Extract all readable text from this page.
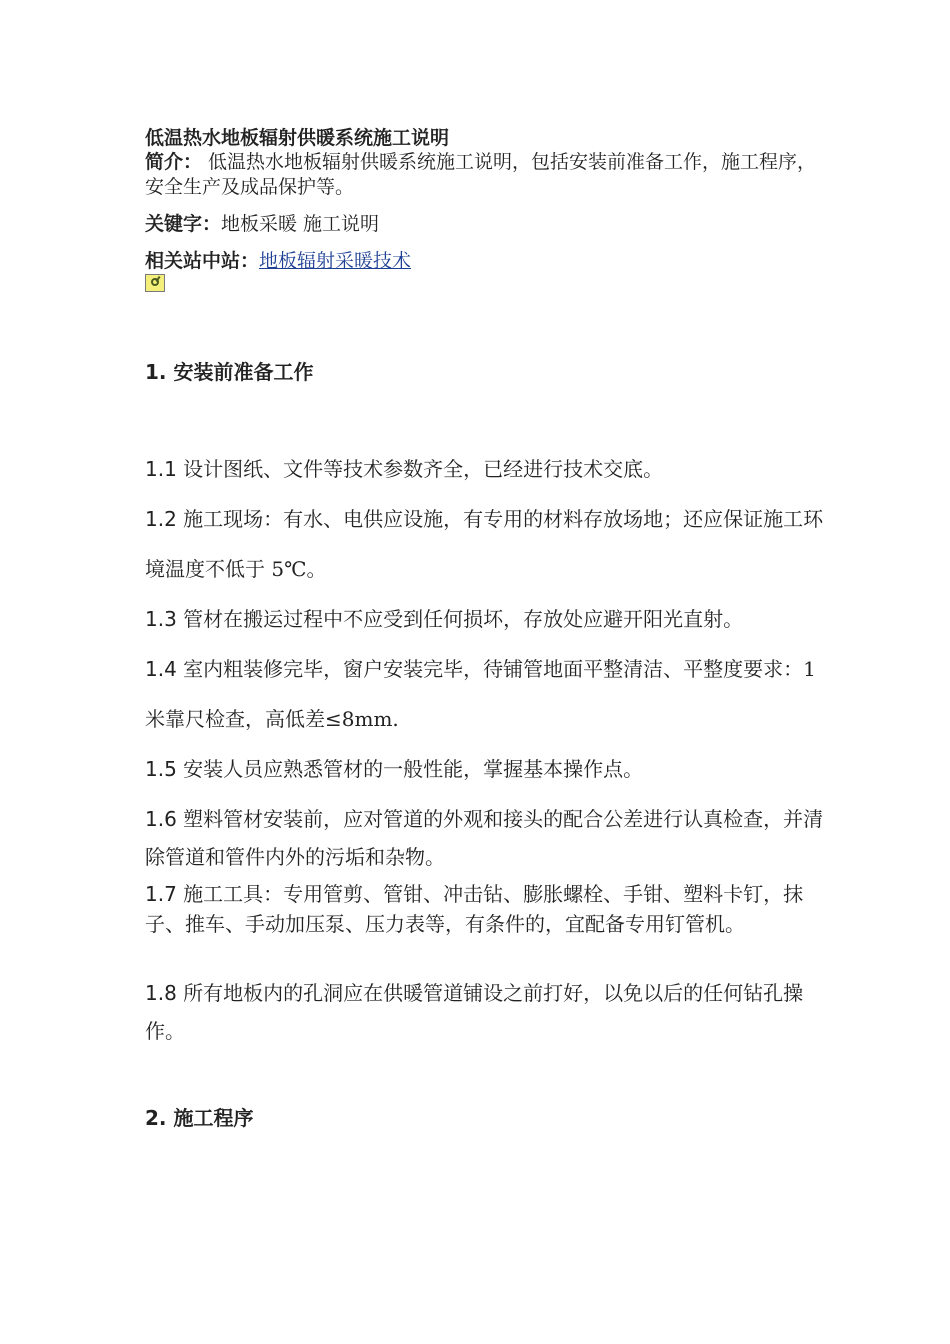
低温热水地板辐射供暖系统施工说明
简介： 低温热水地板辐射供暖系统施工说明，包括安装前准备工作，施工程序，安全生产及成品保护等。
关键字：地板采暖 施工说明
相关站中站：地板辐射采暖技术
1. 安装前准备工作

1.1 设计图纸、文件等技术参数齐全，已经进行技术交底。

1.2 施工现场：有水、电供应设施，有专用的材料存放场地；还应保证施工环境温度不低于 5℃。

1.3 管材在搬运过程中不应受到任何损坏，存放处应避开阳光直射。

1.4 室内粗装修完毕，窗户安装完毕，待铺管地面平整清洁、平整度要求：1 米靠尺检查，高低差≤8mm.

1.5 安装人员应熟悉管材的一般性能，掌握基本操作点。

1.6 塑料管材安装前，应对管道的外观和接头的配合公差进行认真检查，并清除管道和管件内外的污垢和杂物。

1.7 施工工具：专用管剪、管钳、冲击钻、膨胀螺栓、手钳、塑料卡钉，抹子、推车、手动加压泵、压力表等，有条件的，宜配备专用钉管机。

1.8 所有地板内的孔洞应在供暖管道铺设之前打好，以免以后的任何钻孔操作。

2. 施工程序
